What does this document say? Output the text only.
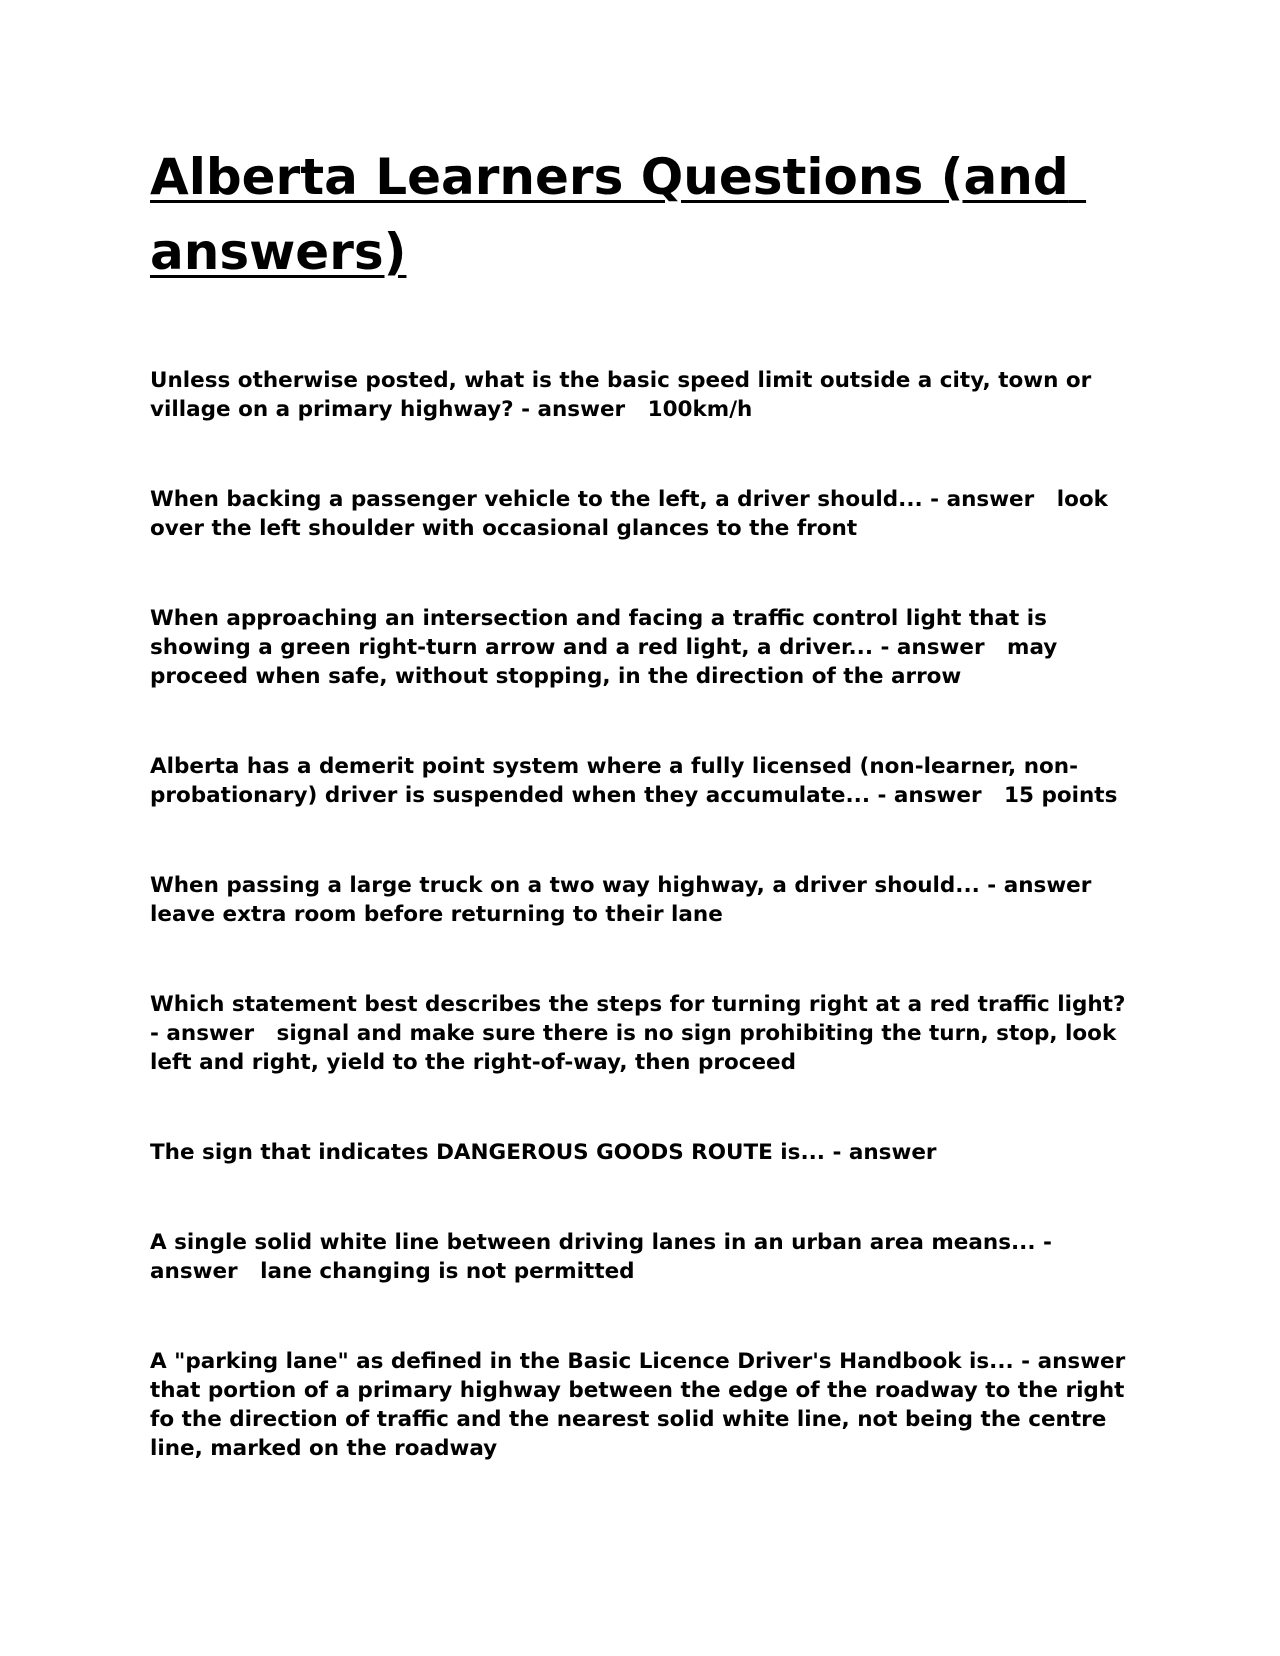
Alberta Learners Questions (and answers)
Unless otherwise posted, what is the basic speed limit outside a city, town or village on a primary highway? - answer 100km/h
When backing a passenger vehicle to the left, a driver should... - answer look over the left shoulder with occasional glances to the front
When approaching an intersection and facing a traffic control light that is showing a green right-turn arrow and a red light, a driver... - answer may proceed when safe, without stopping, in the direction of the arrow
Alberta has a demerit point system where a fully licensed (non-learner, non-probationary) driver is suspended when they accumulate... - answer 15 points
When passing a large truck on a two way highway, a driver should... - answer   leave extra room before returning to their lane
Which statement best describes the steps for turning right at a red traffic light? - answer signal and make sure there is no sign prohibiting the turn, stop, look left and right, yield to the right-of-way, then proceed
The sign that indicates DANGEROUS GOODS ROUTE is... - answer
A single solid white line between driving lanes in an urban area means... - answer lane changing is not permitted
A "parking lane" as defined in the Basic Licence Driver's Handbook is... - answer   that portion of a primary highway between the edge of the roadway to the right fo the direction of traffic and the nearest solid white line, not being the centre line, marked on the roadway
